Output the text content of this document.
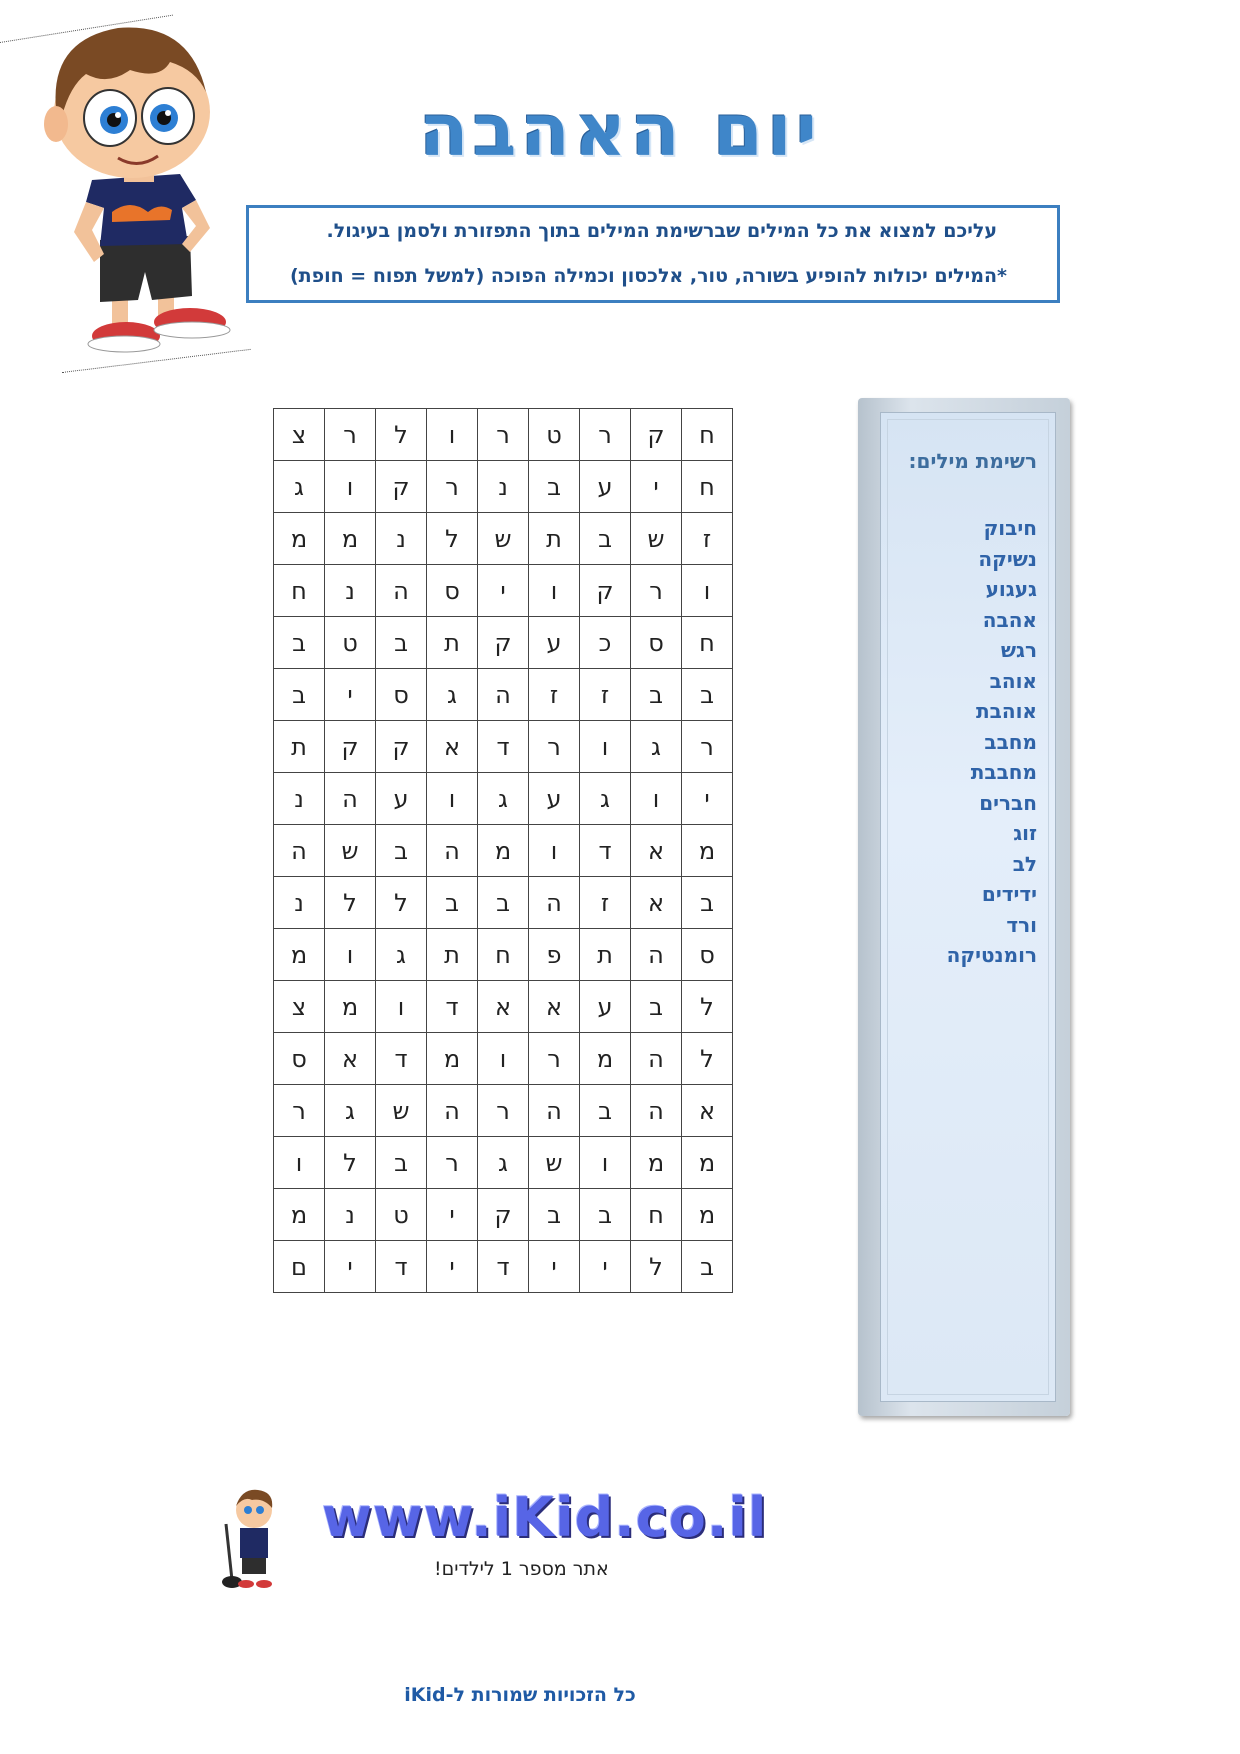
יום האהבה
עליכם למצוא את כל המילים שברשימת המילים בתוך התפזורת ולסמן בעיגול.
*המילים יכולות להופיע בשורה, טור, אלכסון וכמילה הפוכה (למשל תפוח = חופת)
ח	ק	ר	ט	ר	ו	ל	ר	צ
ח	י	ע	ב	נ	ר	ק	ו	ג
ז	ש	ב	ת	ש	ל	נ	מ	מ
ו	ר	ק	ו	י	ס	ה	נ	ח
ח	ס	כ	ע	ק	ת	ב	ט	ב
ב	ב	ז	ז	ה	ג	ס	י	ב
ר	ג	ו	ר	ד	א	ק	ק	ת
י	ו	ג	ע	ג	ו	ע	ה	נ
מ	א	ד	ו	מ	ה	ב	ש	ה
ב	א	ז	ה	ב	ב	ל	ל	נ
ס	ה	ת	פ	ח	ת	ג	ו	מ
ל	ב	ע	א	א	ד	ו	מ	צ
ל	ה	מ	ר	ו	מ	ד	א	ס
א	ה	ב	ה	ר	ה	ש	ג	ר
מ	מ	ו	ש	ג	ר	ב	ל	ו
מ	ח	ב	ב	ק	י	ט	נ	מ
ב	ל	י	י	ד	י	ד	י	ם
רשימת מילים:
חיבוק
נשיקה
געגוע
אהבה
רגש
אוהב
אוהבת
מחבב
מחבבת
חברים
זוג
לב
ידידים
ורד
רומנטיקה
www.iKid.co.il
אתר מספר 1 לילדים!
כל הזכויות שמורות ל-iKid
